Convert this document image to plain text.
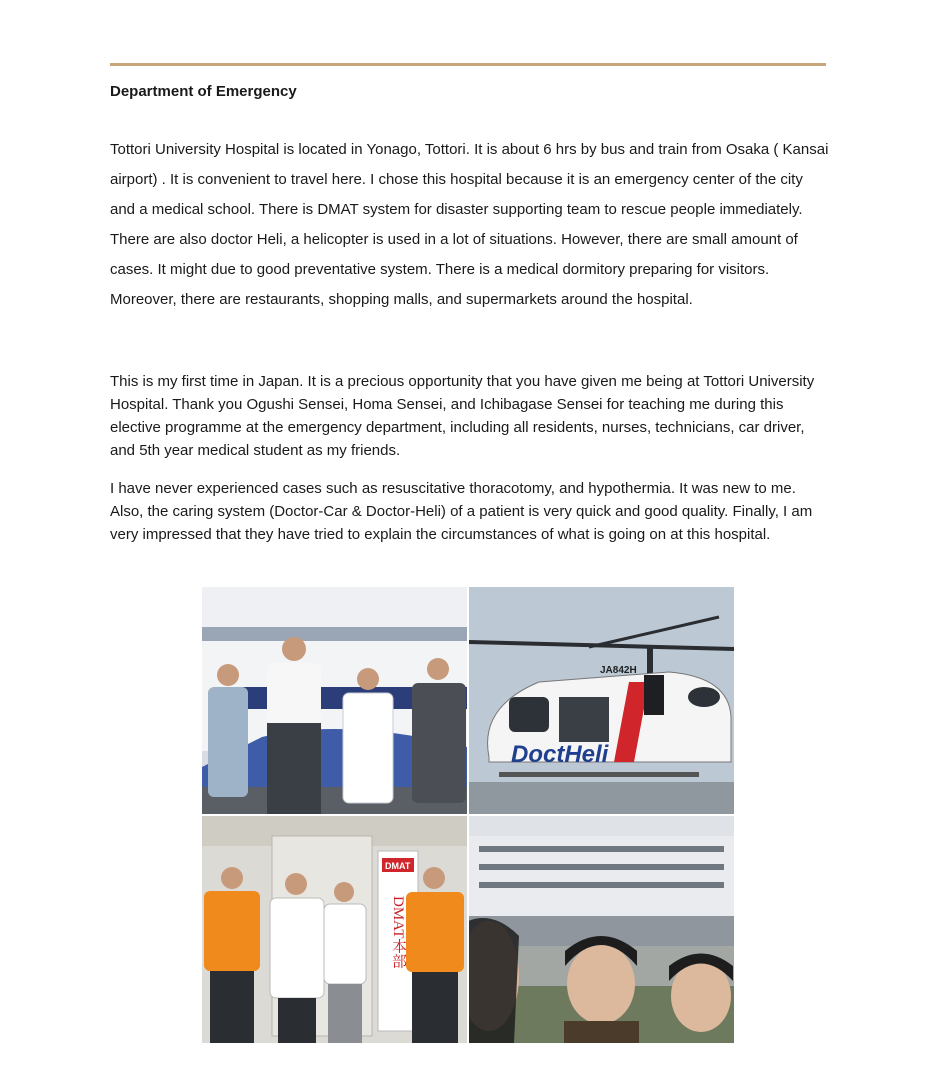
Department of Emergency

Tottori University Hospital is located in Yonago, Tottori. It is about 6 hrs by bus and train from Osaka ( Kansai airport) . It is convenient to travel here. I chose this hospital because it is an emergency center of the city and a medical school. There is DMAT system for disaster supporting team to rescue people immediately. There are also doctor Heli, a helicopter is used in a lot of situations. However, there are small amount of cases. It might due to good preventative system. There is a medical dormitory preparing for visitors. Moreover, there are restaurants, shopping malls, and supermarkets around the hospital.

This is my first time in Japan. It is a precious opportunity that you have given me being at Tottori University Hospital. Thank you Ogushi Sensei, Homa Sensei, and Ichibagase Sensei for teaching me during this elective programme at the emergency department, including all residents, nurses, technicians, car driver, and 5th year medical student as my friends.

I have never experienced cases such as resuscitative thoracotomy, and hypothermia. It was new to me. Also, the caring system (Doctor-Car & Doctor-Heli) of a patient is very quick and good quality. Finally, I am very impressed that they have tried to explain the circumstances of what is going on at this hospital.

JA842H
DoctHeli
DMAT
DMAT本部
